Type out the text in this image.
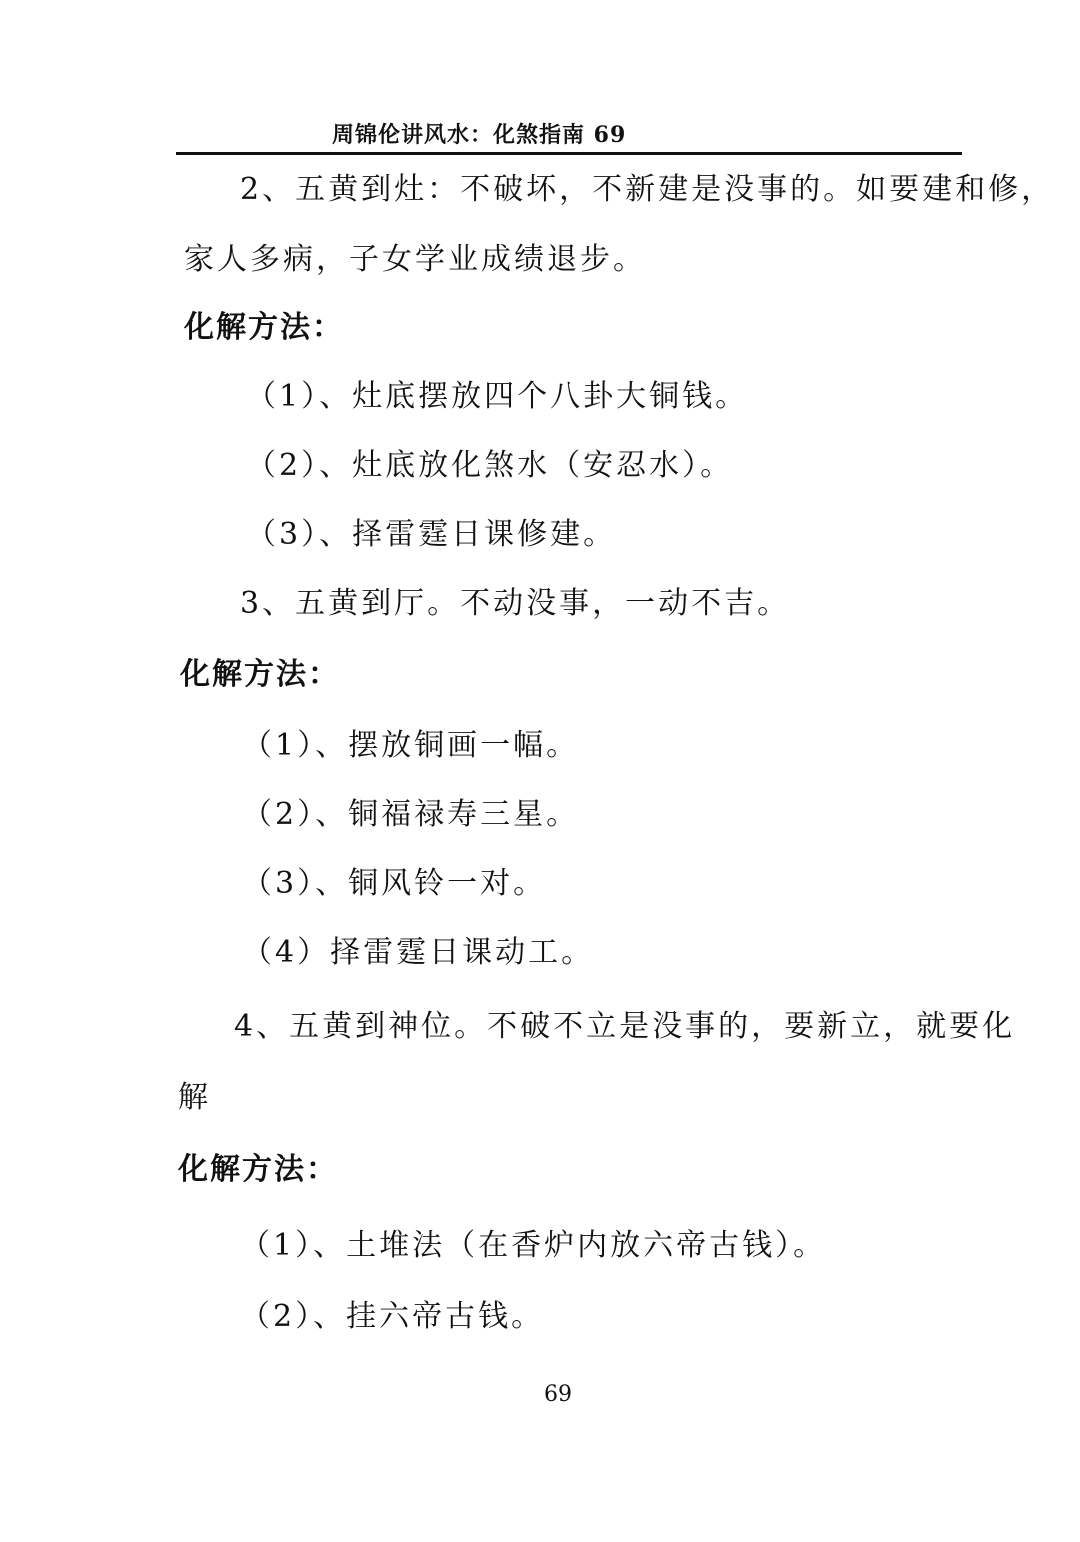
周锦伦讲风水：化煞指南 69
2、五黄到灶：不破坏，不新建是没事的。如要建和修，
家人多病，子女学业成绩退步。
化解方法：
（1）、灶底摆放四个八卦大铜钱。
（2）、灶底放化煞水（安忍水）。
（3）、择雷霆日课修建。
3、五黄到厅。不动没事，一动不吉。
化解方法：
（1）、摆放铜画一幅。
（2）、铜福禄寿三星。
（3）、铜风铃一对。
（4）择雷霆日课动工。
4、五黄到神位。不破不立是没事的，要新立，就要化
解
化解方法：
（1）、土堆法（在香炉内放六帝古钱）。
（2）、挂六帝古钱。
69
